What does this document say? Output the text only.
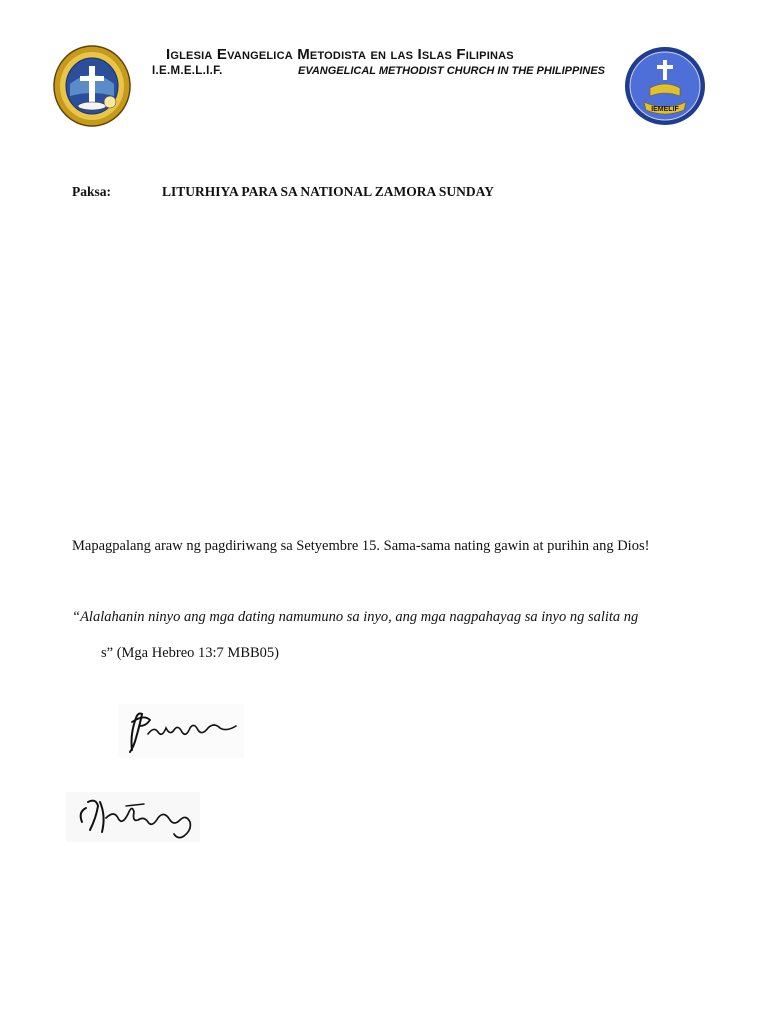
Iglesia Evangelica Metodista en las Islas Filipinas
I.E.M.E.L.I.F.	EVANGELICAL METHODIST CHURCH IN THE PHILIPPINES
IEMELIF
Paksa:	LITURHIYA PARA SA NATIONAL ZAMORA SUNDAY
Mapagpalang araw ng pagdiriwang sa Setyembre 15. Sama-sama nating gawin at purihin ang Dios!
“Alalahanin ninyo ang mga dating namumuno sa inyo, ang mga nagpahayag sa inyo ng salita ng
s” (Mga Hebreo 13:7 MBB05)
